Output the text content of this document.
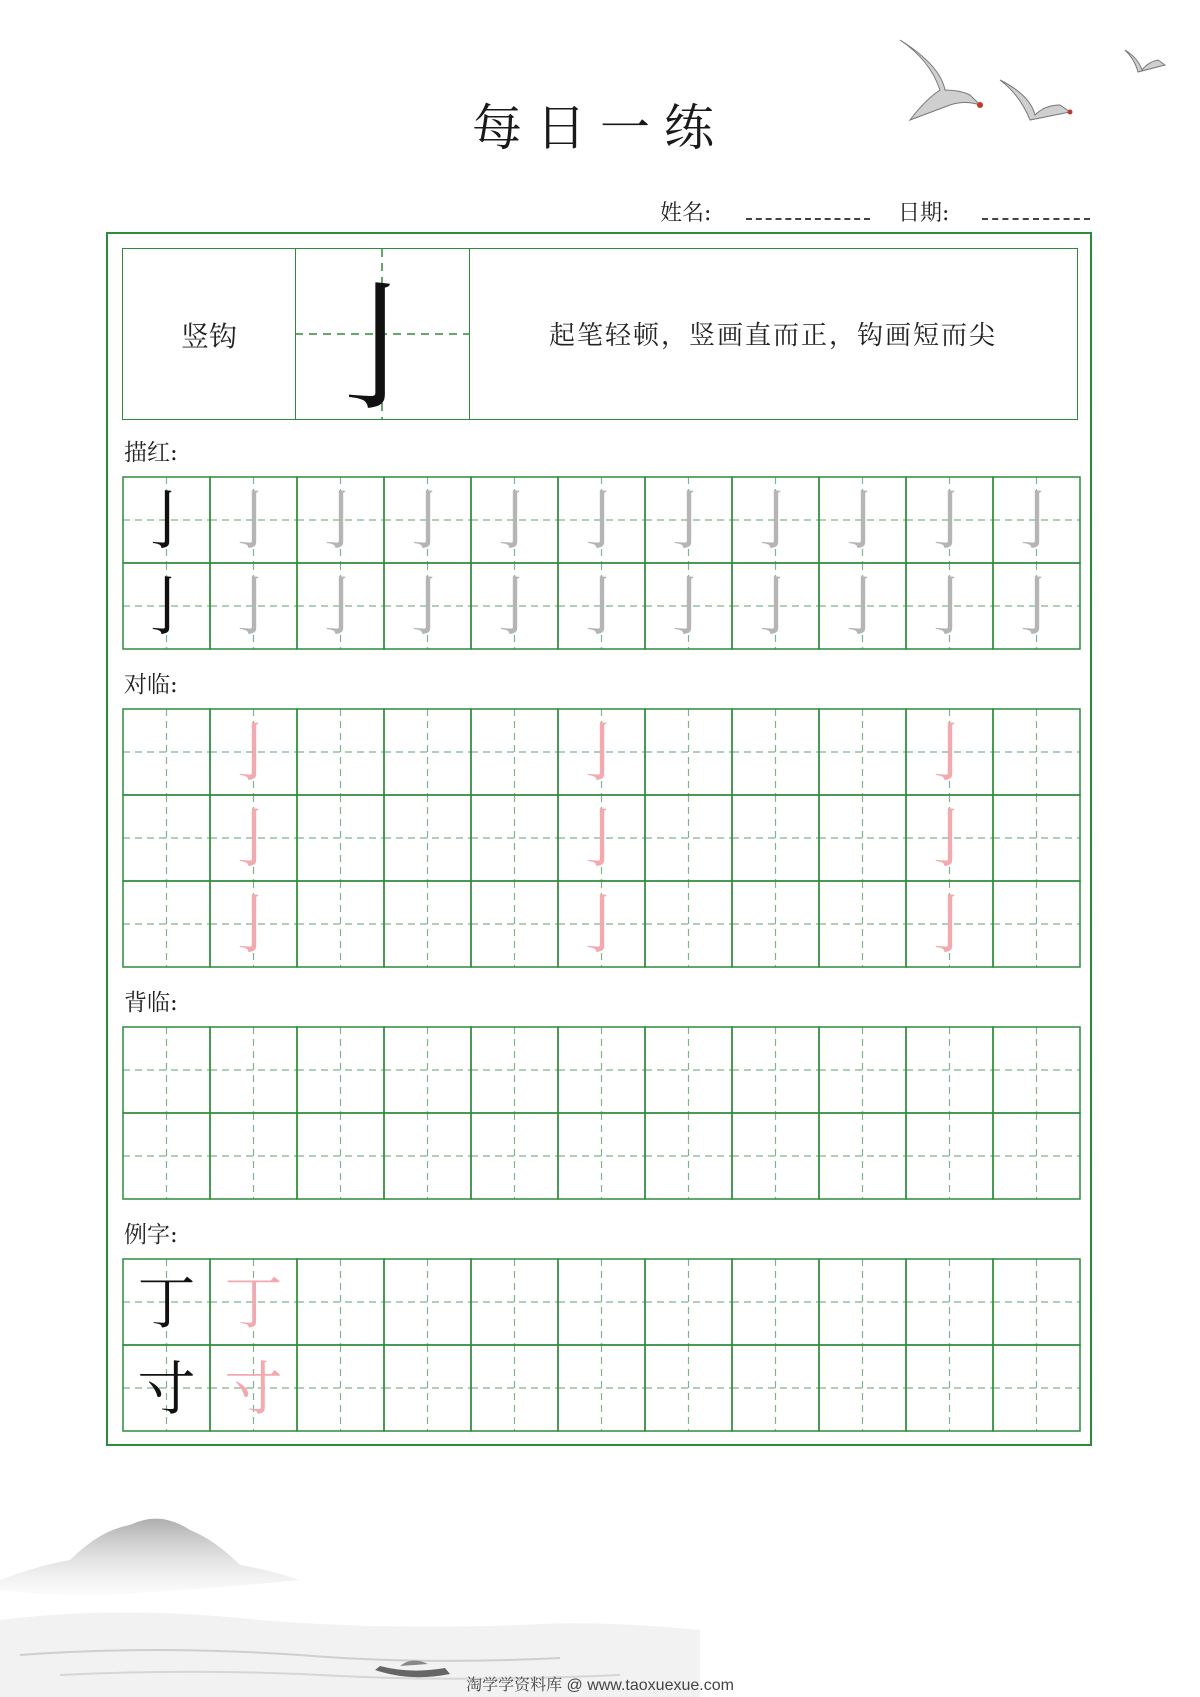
每日一练
姓名:	日期:
竖钩 亅	起笔轻顿，竖画直而正，钩画短而尖
描红:
对临:
背临:
例字:
亅 亅 亅 亅 亅 亅 亅 亅 亅 亅 亅
亅 亅 亅 亅 亅 亅 亅 亅 亅 亅 亅
亅	亅	亅
亅	亅	亅
亅	亅	亅
丁 丁
寸 寸
淘学学资料库 @ www.taoxuexue.com
